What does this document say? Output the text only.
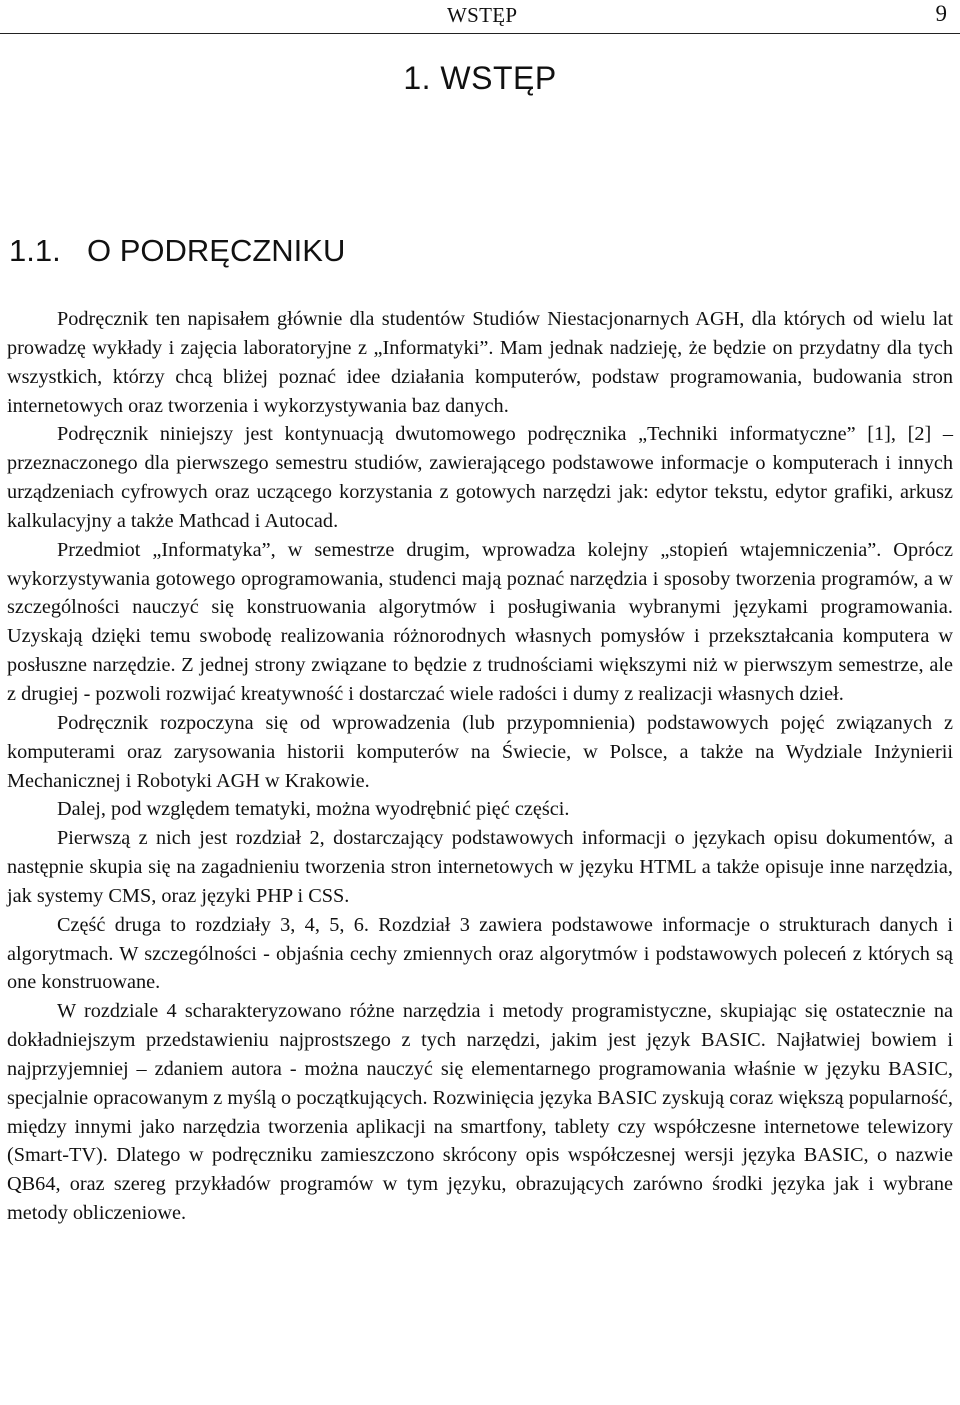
WSTĘP	9
1. WSTĘP
1.1. O PODRĘCZNIKU

Podręcznik ten napisałem głównie dla studentów Studiów Niestacjonarnych AGH, dla których od wielu lat prowadzę wykłady i zajęcia laboratoryjne z „Informatyki”. Mam jednak nadzieję, że będzie on przydatny dla tych wszystkich, którzy chcą bliżej poznać idee działania komputerów, podstaw programowania, budowania stron internetowych oraz tworzenia i wykorzystywania baz danych.

Podręcznik niniejszy jest kontynuacją dwutomowego podręcznika „Techniki informatyczne” [1], [2] – przeznaczonego dla pierwszego semestru studiów, zawierającego podstawowe informacje o komputerach i innych urządzeniach cyfrowych oraz uczącego korzystania z gotowych narzędzi jak: edytor tekstu, edytor grafiki, arkusz kalkulacyjny a także Mathcad i Autocad.

Przedmiot „Informatyka”, w semestrze drugim, wprowadza kolejny „stopień wtajemniczenia”. Oprócz wykorzystywania gotowego oprogramowania, studenci mają poznać narzędzia i sposoby tworzenia programów, a w szczególności nauczyć się konstruowania algorytmów i posługiwania wybranymi językami programowania. Uzyskają dzięki temu swobodę realizowania różnorodnych własnych pomysłów i przekształcania komputera w posłuszne narzędzie. Z jednej strony związane to będzie z trudnościami większymi niż w pierwszym semestrze, ale z drugiej - pozwoli rozwijać kreatywność i dostarczać wiele radości i dumy z realizacji własnych dzieł.

Podręcznik rozpoczyna się od wprowadzenia (lub przypomnienia) podstawowych pojęć związanych z komputerami oraz zarysowania historii komputerów na Świecie, w Polsce, a także na Wydziale Inżynierii Mechanicznej i Robotyki AGH w Krakowie.

Dalej, pod względem tematyki, można wyodrębnić pięć części.

Pierwszą z nich jest rozdział 2, dostarczający podstawowych informacji o językach opisu dokumentów, a następnie skupia się na zagadnieniu tworzenia stron internetowych w języku HTML a także opisuje inne narzędzia, jak systemy CMS, oraz języki PHP i CSS.

Część druga to rozdziały 3, 4, 5, 6. Rozdział 3 zawiera podstawowe informacje o strukturach danych i algorytmach. W szczególności - objaśnia cechy zmiennych oraz algorytmów i podstawowych poleceń z których są one konstruowane.

W rozdziale 4 scharakteryzowano różne narzędzia i metody programistyczne, skupiając się ostatecznie na dokładniejszym przedstawieniu najprostszego z tych narzędzi, jakim jest język BASIC. Najłatwiej bowiem i najprzyjemniej – zdaniem autora - można nauczyć się elementarnego programowania właśnie w języku BASIC, specjalnie opracowanym z myślą o początkujących. Rozwinięcia języka BASIC zyskują coraz większą popularność, między innymi jako narzędzia tworzenia aplikacji na smartfony, tablety czy współczesne internetowe telewizory (Smart-TV). Dlatego w podręczniku zamieszczono skrócony opis współczesnej wersji języka BASIC, o nazwie QB64, oraz szereg przykładów programów w tym języku, obrazujących zarówno środki języka jak i wybrane metody obliczeniowe.
